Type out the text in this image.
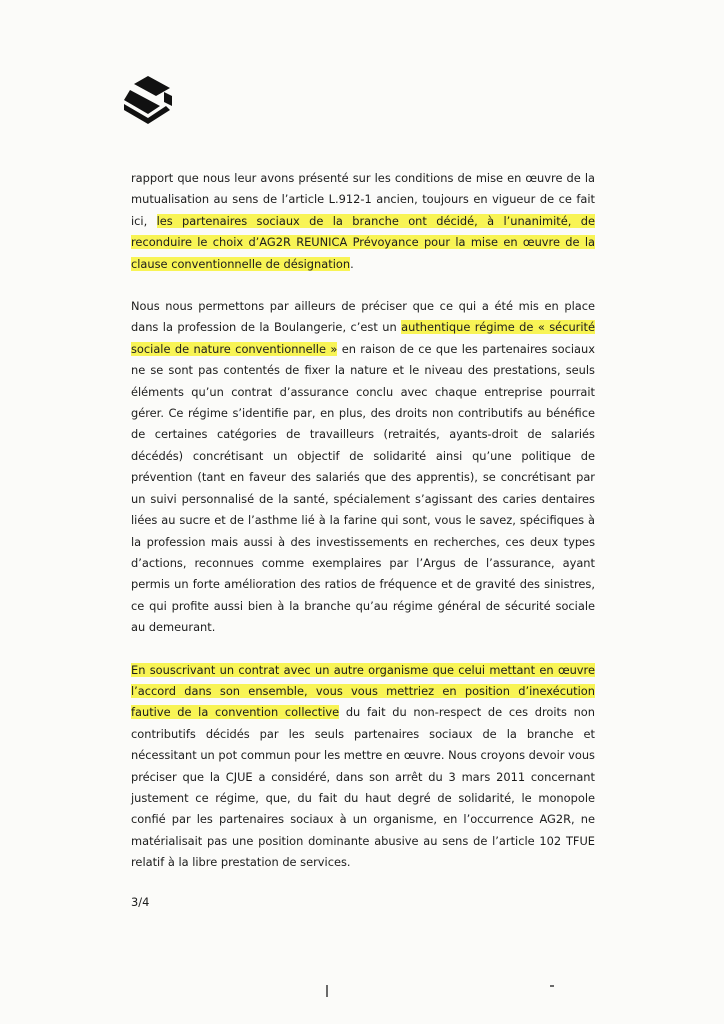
rapport que nous leur avons présenté sur les conditions de mise en œuvre de la mutualisation au sens de l’article L.912-1 ancien, toujours en vigueur de ce fait ici, les partenaires sociaux de la branche ont décidé, à l’unanimité, de reconduire le choix d’AG2R REUNICA Prévoyance pour la mise en œuvre de la clause conventionnelle de désignation.

Nous nous permettons par ailleurs de préciser que ce qui a été mis en place dans la profession de la Boulangerie, c’est un authentique régime de « sécurité sociale de nature conventionnelle » en raison de ce que les partenaires sociaux ne se sont pas contentés de fixer la nature et le niveau des prestations, seuls éléments qu’un contrat d’assurance conclu avec chaque entreprise pourrait gérer. Ce régime s’identifie par, en plus, des droits non contributifs au bénéfice de certaines catégories de travailleurs (retraités, ayants-droit de salariés décédés) concrétisant un objectif de solidarité ainsi qu’une politique de prévention (tant en faveur des salariés que des apprentis), se concrétisant par un suivi personnalisé de la santé, spécialement s’agissant des caries dentaires liées au sucre et de l’asthme lié à la farine qui sont, vous le savez, spécifiques à la profession mais aussi à des investissements en recherches, ces deux types d’actions, reconnues comme exemplaires par l’Argus de l’assurance, ayant permis un forte amélioration des ratios de fréquence et de gravité des sinistres, ce qui profite aussi bien à la branche qu’au régime général de sécurité sociale au demeurant.

En souscrivant un contrat avec un autre organisme que celui mettant en œuvre l’accord dans son ensemble, vous vous mettriez en position d’inexécution fautive de la convention collective du fait du non-respect de ces droits non contributifs décidés par les seuls partenaires sociaux de la branche et nécessitant un pot commun pour les mettre en œuvre. Nous croyons devoir vous préciser que la CJUE a considéré, dans son arrêt du 3 mars 2011 concernant justement ce régime, que, du fait du haut degré de solidarité, le monopole confié par les partenaires sociaux à un organisme, en l’occurrence AG2R, ne matérialisait pas une position dominante abusive au sens de l’article 102 TFUE relatif à la libre prestation de services.

3/4
